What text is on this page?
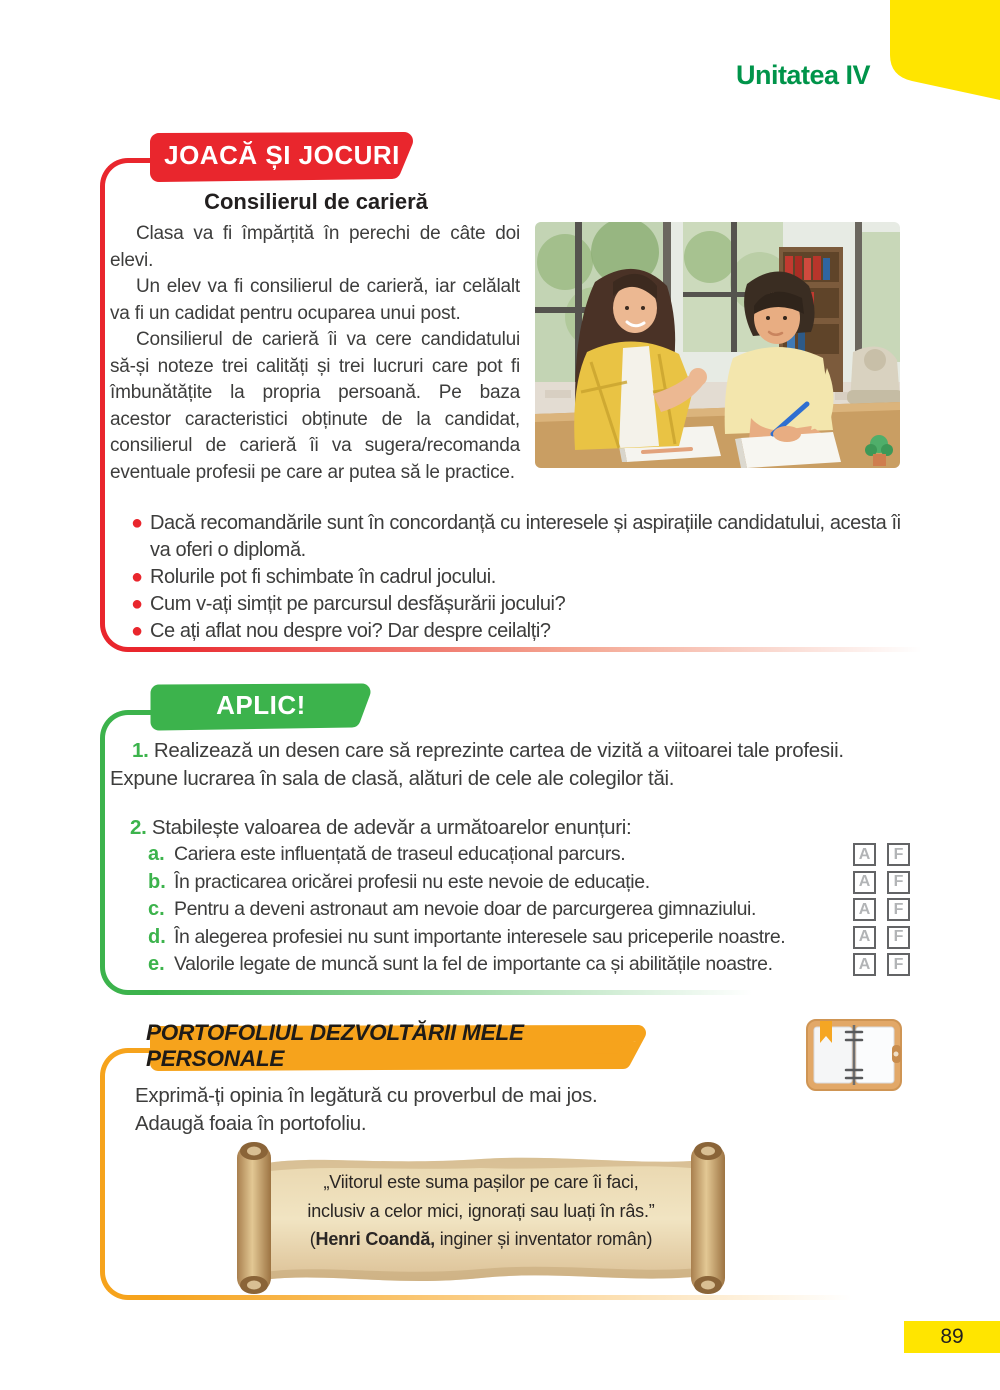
Unitatea IV
JOACĂ ȘI JOCURI
Consilierul de carieră

Clasa va fi împărțită în perechi de câte doi elevi.

Un elev va fi consilierul de carieră, iar celălalt va fi un cadidat pentru ocuparea unui post.

Consilierul de carieră îi va cere candidatului să-și noteze trei calități și trei lucruri care pot fi îmbunătățite la propria persoană. Pe baza acestor caracteristici obținute de la candidat, consilierul de carieră îi va sugera/recomanda eventuale profesii pe care ar putea să le practice.

● Dacă recomandările sunt în concordanță cu interesele și aspirațiile candidatului, acesta îi va oferi o diplomă.
● Rolurile pot fi schimbate în cadrul jocului.
● Cum v-ați simțit pe parcursul desfășurării jocului?
● Ce ați aflat nou despre voi? Dar despre ceilalți?
APLIC!
1. Realizează un desen care să reprezinte cartea de vizită a viitoarei tale profesii. Expune lucrarea în sala de clasă, alături de cele ale colegilor tăi.
2. Stabilește valoarea de adevăr a următoarelor enunțuri:
a. Cariera este influențată de traseul educațional parcurs.	A	F
b. În practicarea oricărei profesii nu este nevoie de educație.	A	F
c. Pentru a deveni astronaut am nevoie doar de parcurgerea gimnaziului.	A	F
d. În alegerea profesiei nu sunt importante interesele sau priceperile noastre.	A	F
e. Valorile legate de muncă sunt la fel de importante ca și abilitățile noastre.	A	F
PORTOFOLIUL DEZVOLTĂRII MELE PERSONALE
Exprimă-ți opinia în legătură cu proverbul de mai jos.
Adaugă foaia în portofoliu.
„Viitorul este suma pașilor pe care îi faci,
inclusiv a celor mici, ignorați sau luați în râs.”
(Henri Coandă, inginer și inventator român)
89
